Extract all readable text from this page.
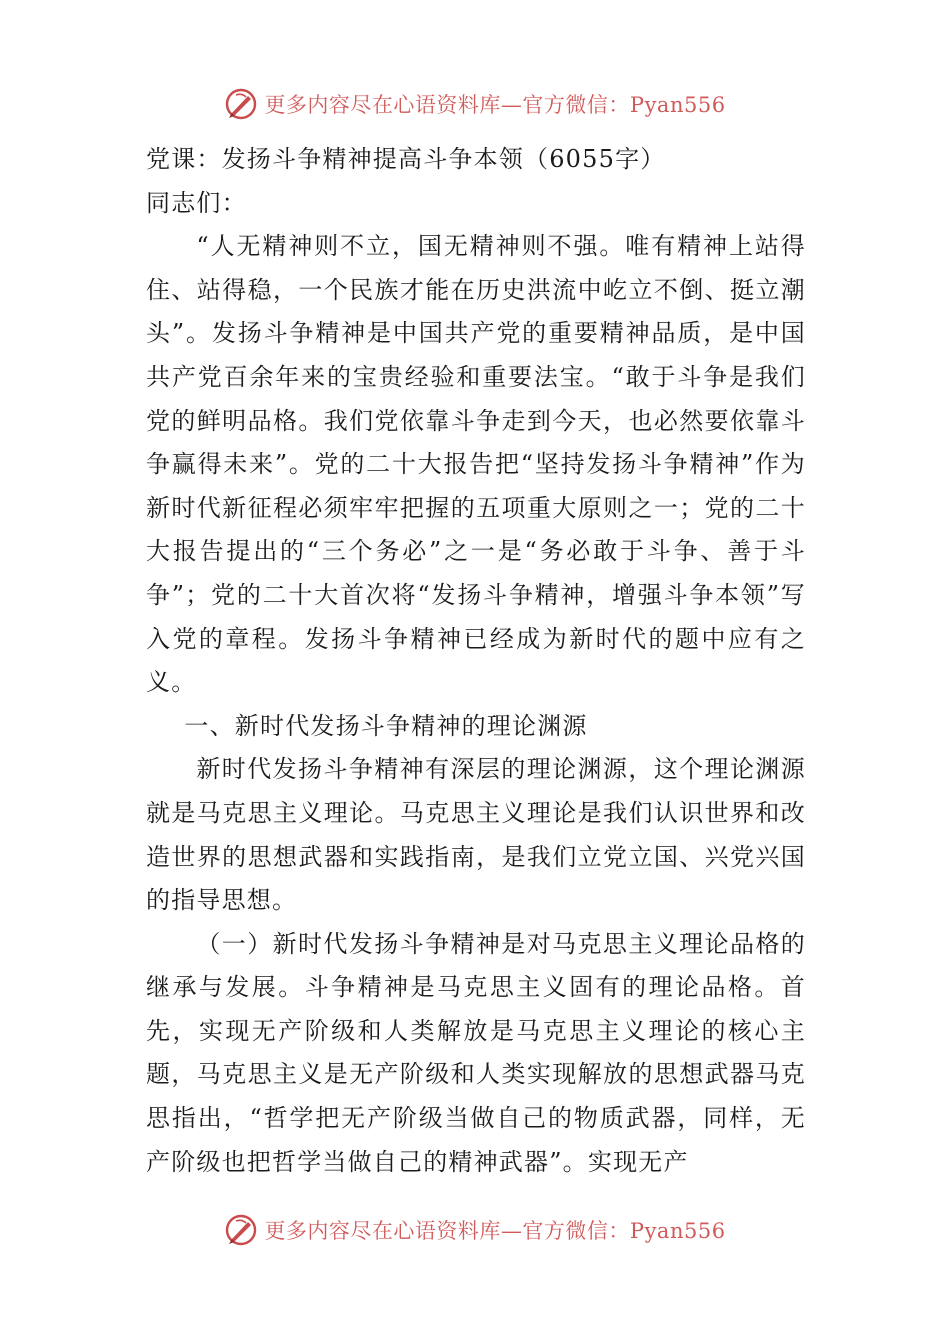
更多内容尽在心语资料库—官方微信：Pyan556
党课：发扬斗争精神提高斗争本领（6055字）
同志们：

“人无精神则不立，国无精神则不强。唯有精神上站得住、站得稳，一个民族才能在历史洪流中屹立不倒、挺立潮头”。发扬斗争精神是中国共产党的重要精神品质，是中国共产党百余年来的宝贵经验和重要法宝。“敢于斗争是我们党的鲜明品格。我们党依靠斗争走到今天，也必然要依靠斗争赢得未来”。党的二十大报告把“坚持发扬斗争精神”作为新时代新征程必须牢牢把握的五项重大原则之一；党的二十大报告提出的“三个务必”之一是“务必敢于斗争、善于斗争”；党的二十大首次将“发扬斗争精神，增强斗争本领”写入党的章程。发扬斗争精神已经成为新时代的题中应有之义。

一、新时代发扬斗争精神的理论渊源

新时代发扬斗争精神有深层的理论渊源，这个理论渊源就是马克思主义理论。马克思主义理论是我们认识世界和改造世界的思想武器和实践指南，是我们立党立国、兴党兴国的指导思想。

（一）新时代发扬斗争精神是对马克思主义理论品格的继承与发展。斗争精神是马克思主义固有的理论品格。首先，实现无产阶级和人类解放是马克思主义理论的核心主题，马克思主义是无产阶级和人类实现解放的思想武器马克思指出，“哲学把无产阶级当做自己的物质武器，同样，无产阶级也把哲学当做自己的精神武器”。实现无产

更多内容尽在心语资料库—官方微信：Pyan556
